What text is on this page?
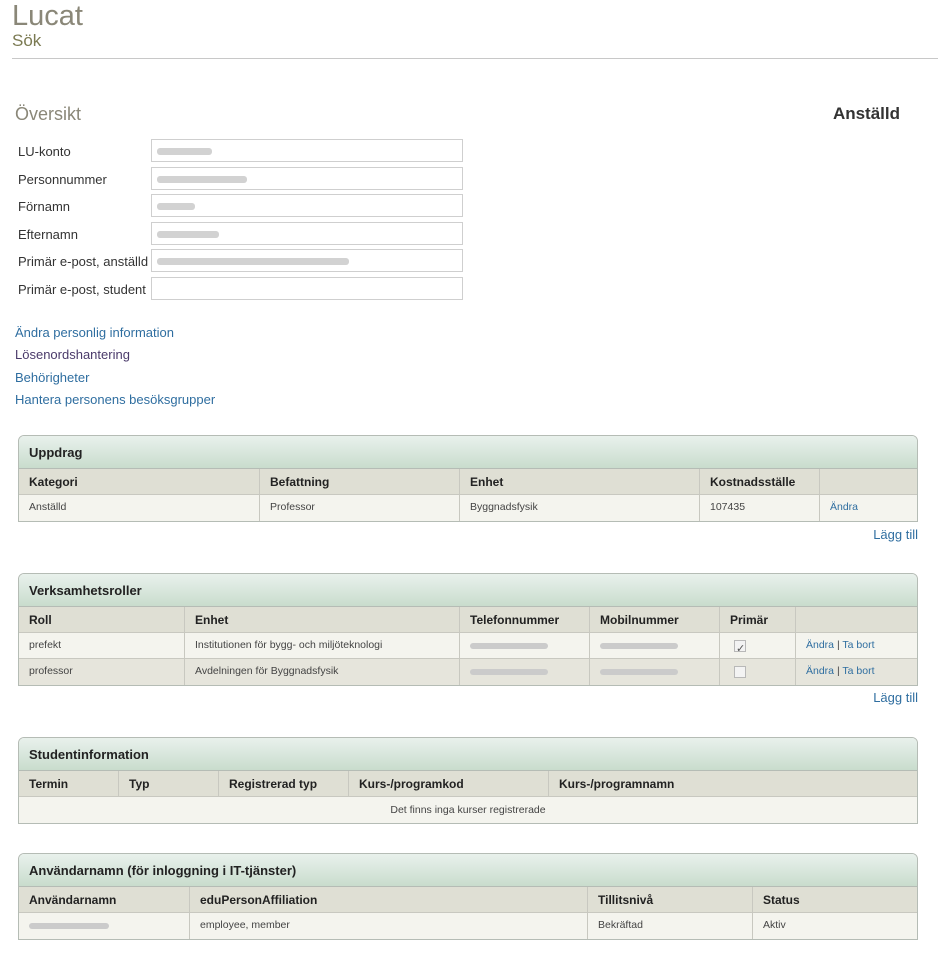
Lucat
Sök
Översikt	Anställd
LU-konto
Personnummer
Förnamn
Efternamn
Primär e-post, anställd
Primär e-post, student
Ändra personlig information
Lösenordshantering
Behörigheter
Hantera personens besöksgrupper
Uppdrag
Kategori	Befattning	Enhet	Kostnadsställe
Anställd	Professor	Byggnadsfysik	107435	Ändra
Lägg till
Verksamhetsroller
Roll	Enhet	Telefonnummer	Mobilnummer	Primär
prefekt	Institutionen för bygg- och miljöteknologi
✓	Ändra | Ta bort
professor	Avdelningen för Byggnadsfysik	Ändra | Ta bort
Lägg till
Studentinformation
Termin	Typ	Registrerad typ	Kurs-/programkod	Kurs-/programnamn
Det finns inga kurser registrerade
Användarnamn (för inloggning i IT-tjänster)
Användarnamn	eduPersonAffiliation	Tillitsnivå	Status
employee, member	Bekräftad	Aktiv
